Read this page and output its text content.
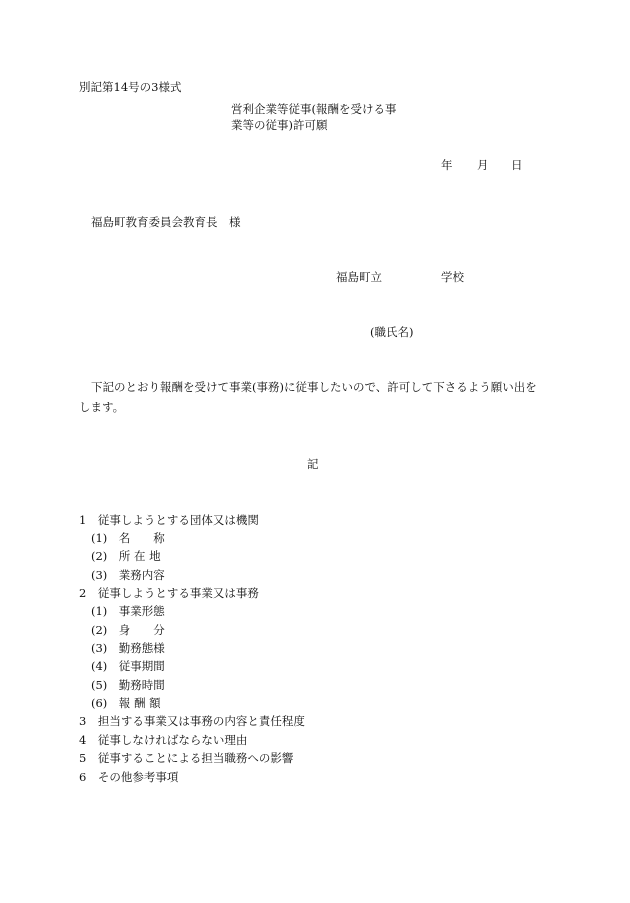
別記第14号の3様式
営利企業等従事(報酬を受ける事
業等の従事)許可願
年 月 日
福島町教育委員会教育長　様
福島町立	学校
(職氏名)
下記のとおり報酬を受けて事業(事務)に従事したいので、許可して下さるよう願い出を
します。
記
1　従事しようとする団体又は機関
(1)　名　　称
(2)　所 在 地
(3)　業務内容
2　従事しようとする事業又は事務
(1)　事業形態
(2)　身　　分
(3)　勤務態様
(4)　従事期間
(5)　勤務時間
(6)　報 酬 額
3　担当する事業又は事務の内容と責任程度
4　従事しなければならない理由
5　従事することによる担当職務への影響
6　その他参考事項
